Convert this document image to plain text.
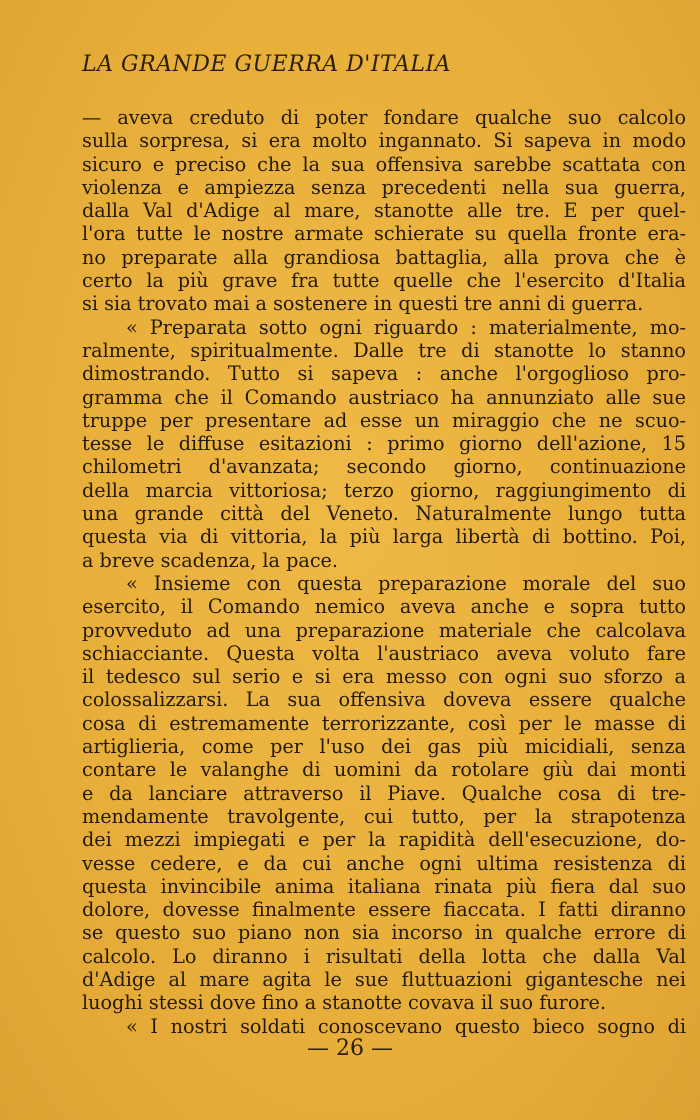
LA GRANDE GUERRA D'ITALIA
— aveva creduto di poter fondare qualche suo calcolo
sulla sorpresa, si era molto ingannato. Si sapeva in modo
sicuro e preciso che la sua offensiva sarebbe scattata con
violenza e ampiezza senza precedenti nella sua guerra,
dalla Val d'Adige al mare, stanotte alle tre. E per quel-
l'ora tutte le nostre armate schierate su quella fronte era-
no preparate alla grandiosa battaglia, alla prova che è
certo la più grave fra tutte quelle che l'esercito d'Italia
si sia trovato mai a sostenere in questi tre anni di guerra.
« Preparata sotto ogni riguardo : materialmente, mo-
ralmente, spiritualmente. Dalle tre di stanotte lo stanno
dimostrando. Tutto si sapeva : anche l'orgoglioso pro-
gramma che il Comando austriaco ha annunziato alle sue
truppe per presentare ad esse un miraggio che ne scuo-
tesse le diffuse esitazioni : primo giorno dell'azione, 15
chilometri d'avanzata; secondo giorno, continuazione
della marcia vittoriosa; terzo giorno, raggiungimento di
una grande città del Veneto. Naturalmente lungo tutta
questa via di vittoria, la più larga libertà di bottino. Poi,
a breve scadenza, la pace.
« Insieme con questa preparazione morale del suo
esercito, il Comando nemico aveva anche e sopra tutto
provveduto ad una preparazione materiale che calcolava
schiacciante. Questa volta l'austriaco aveva voluto fare
il tedesco sul serio e si era messo con ogni suo sforzo a
colossalizzarsi. La sua offensiva doveva essere qualche
cosa di estremamente terrorizzante, così per le masse di
artiglieria, come per l'uso dei gas più micidiali, senza
contare le valanghe di uomini da rotolare giù dai monti
e da lanciare attraverso il Piave. Qualche cosa di tre-
mendamente travolgente, cui tutto, per la strapotenza
dei mezzi impiegati e per la rapidità dell'esecuzione, do-
vesse cedere, e da cui anche ogni ultima resistenza di
questa invincibile anima italiana rinata più fiera dal suo
dolore, dovesse finalmente essere fiaccata. I fatti diranno
se questo suo piano non sia incorso in qualche errore di
calcolo. Lo diranno i risultati della lotta che dalla Val
d'Adige al mare agita le sue fluttuazioni gigantesche nei
luoghi stessi dove fino a stanotte covava il suo furore.
« I nostri soldati conoscevano questo bieco sogno di
— 26 —
